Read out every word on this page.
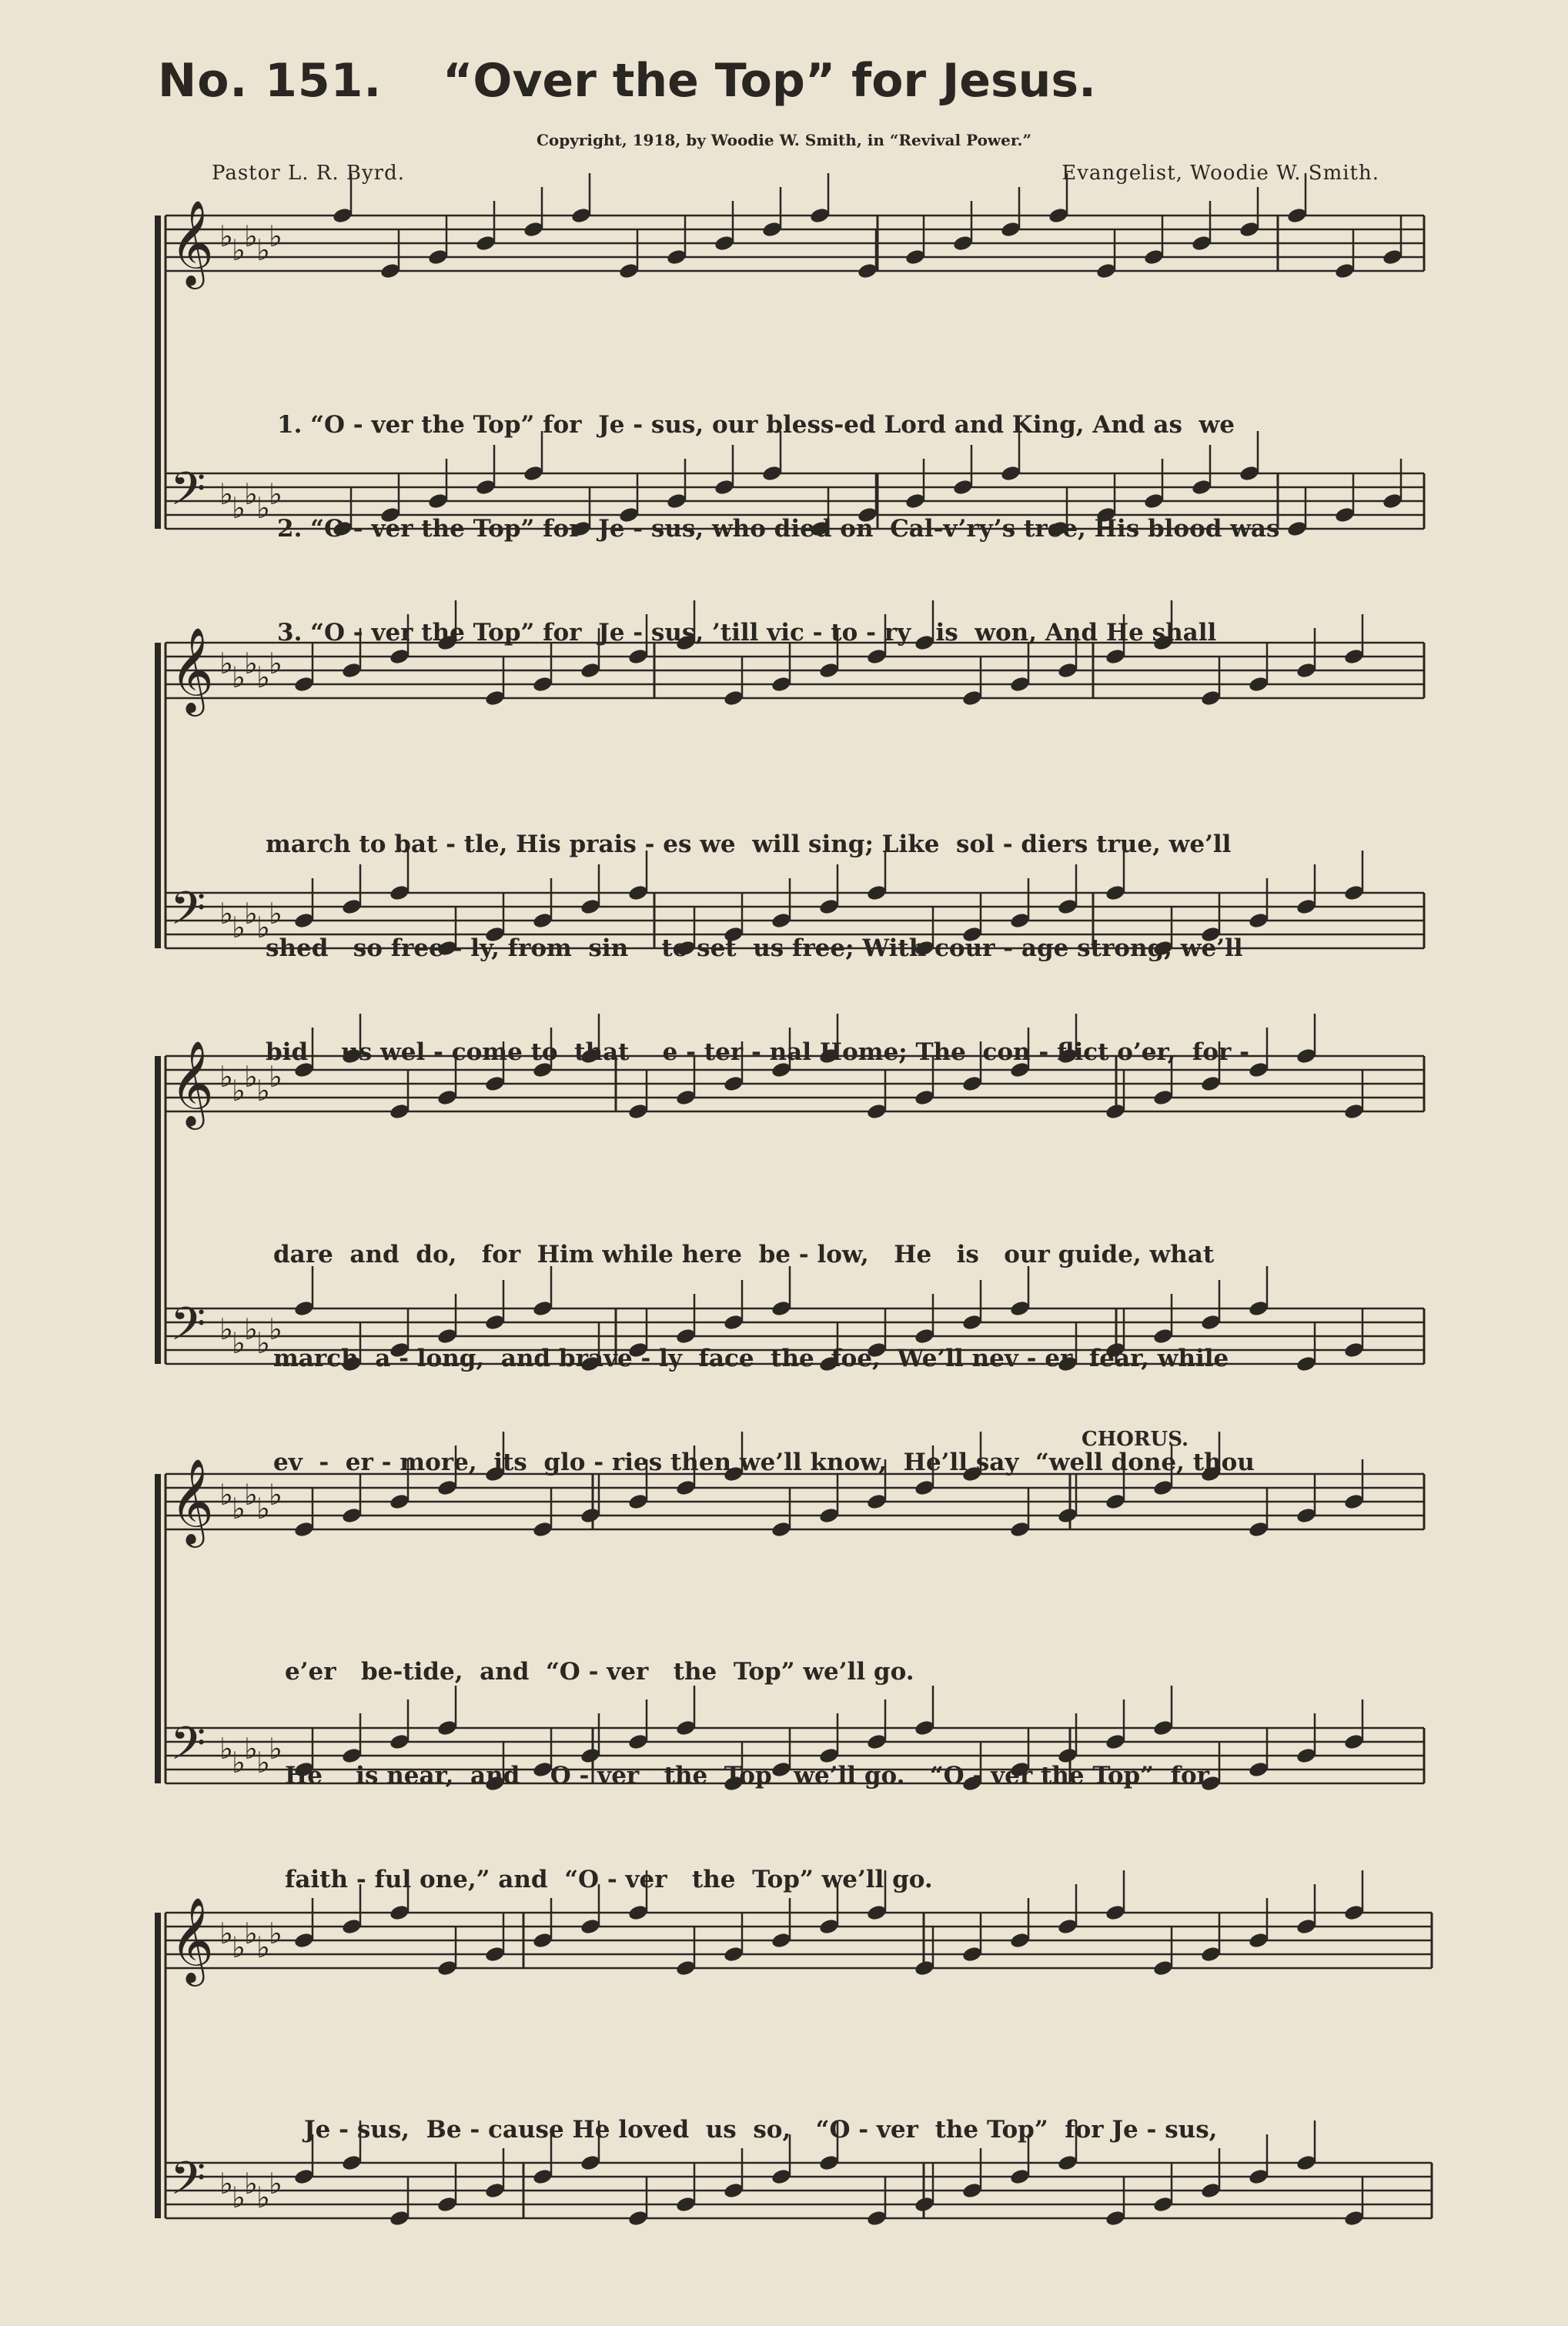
No. 151. “Over the Top” for Jesus.
Copyright, 1918, by Woodie W. Smith, in “Revival Power.”
Pastor L. R. Byrd.	Evangelist, Woodie W. Smith.
𝄞 ♭
♭
♭
♭
♭
𝄢 ♭
♭
♭
♭
♭
𝄞 ♭
♭
♭
♭
♭
𝄢 ♭
♭
♭
♭
♭
𝄞 ♭
♭
♭
♭
♭
𝄢 ♭
♭
♭
♭
♭
𝄞 ♭
♭
♭
♭
♭
𝄢 ♭
♭
♭
♭
♭
𝄞 ♭
♭
♭
♭
♭
𝄢 ♭
♭
♭
♭
♭
CHORUS.

1. “O - ver the Top” for  Je - sus, our bless-ed Lord and King, And as  we

2. “O - ver the Top” for  Je - sus, who died on  Cal-v’ry’s tree, His blood was

3. “O - ver the Top” for  Je - sus, ’till vic - to - ry   is  won, And He shall

march to bat - tle, His prais - es we  will sing; Like  sol - diers true, we’ll

shed   so free - ly, from  sin    to set  us free; With cour - age strong, we’ll

bid    us wel - come to  that    e - ter - nal Home; The  con - flict o’er,  for -

dare  and  do,   for  Him while here  be - low,   He   is   our guide, what

march  a - long,  and brave - ly  face  the  foe,  We’ll nev - er  fear, while

ev  -  er - more,  its  glo - ries then we’ll know,  He’ll say  “well done, thou

e’er   be-tide,  and  “O - ver   the  Top” we’ll go.

He    is near,  and  “O - ver   the  Top” we’ll go.   “O - ver the Top”  for

faith - ful one,” and  “O - ver   the  Top” we’ll go.

Je - sus,  Be - cause He loved  us  so,   “O - ver  the Top”  for Je - sus,
